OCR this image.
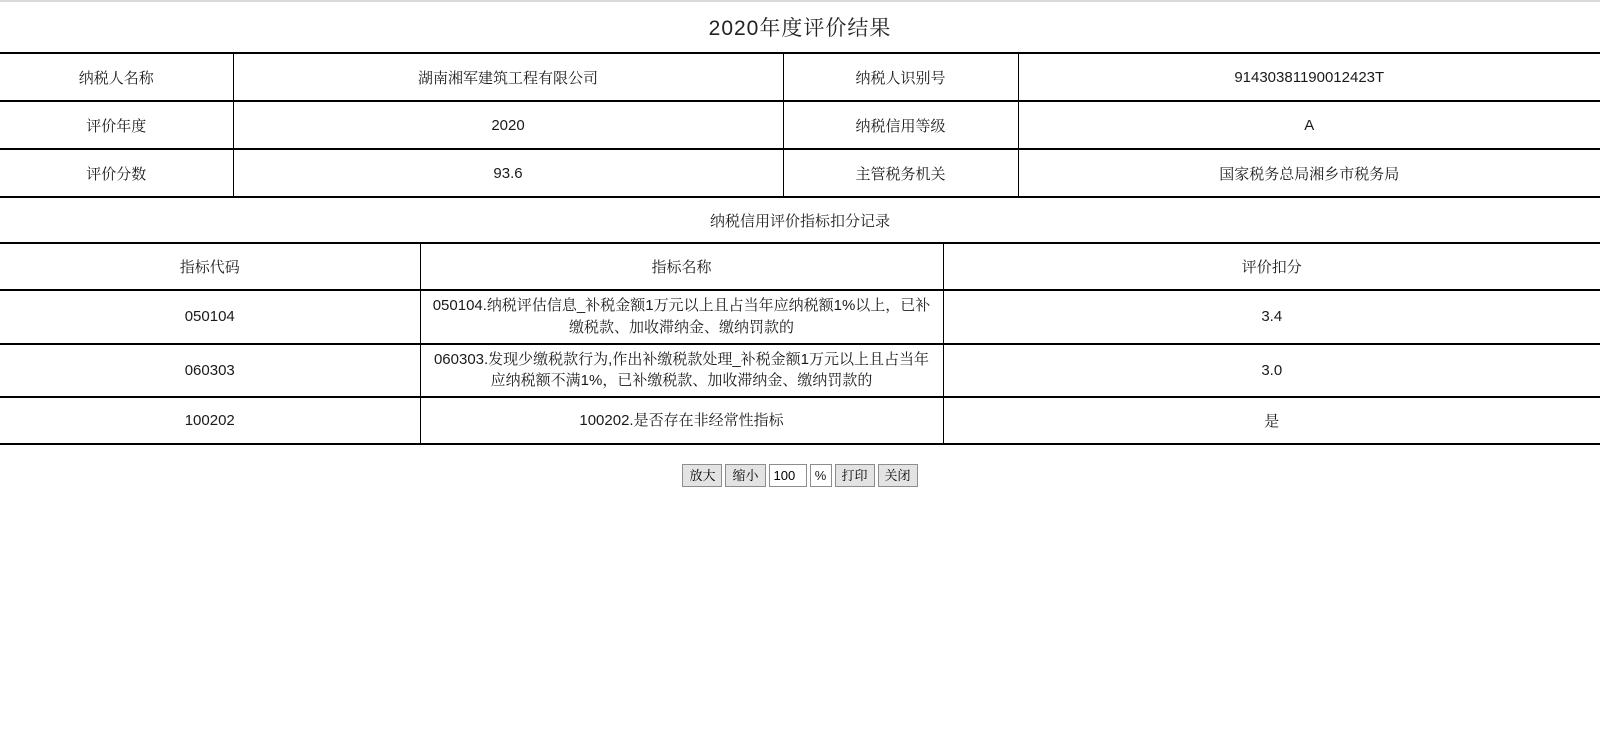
2020年度评价结果
纳税人名称	湖南湘军建筑工程有限公司	纳税人识别号	91430381190012423T
评价年度	2020	纳税信用等级	A
评价分数	93.6	主管税务机关	国家税务总局湘乡市税务局
纳税信用评价指标扣分记录
指标代码	指标名称	评价扣分
050104	050104.纳税评估信息_补税金额1万元以上且占当年应纳税额1%以上，已补缴税款、加收滞纳金、缴纳罚款的	3.4
060303	060303.发现少缴税款行为,作出补缴税款处理_补税金额1万元以上且占当年应纳税额不满1%，已补缴税款、加收滞纳金、缴纳罚款的	3.0
100202	100202.是否存在非经常性指标	是
放大	缩小
100	%	打印	关闭
